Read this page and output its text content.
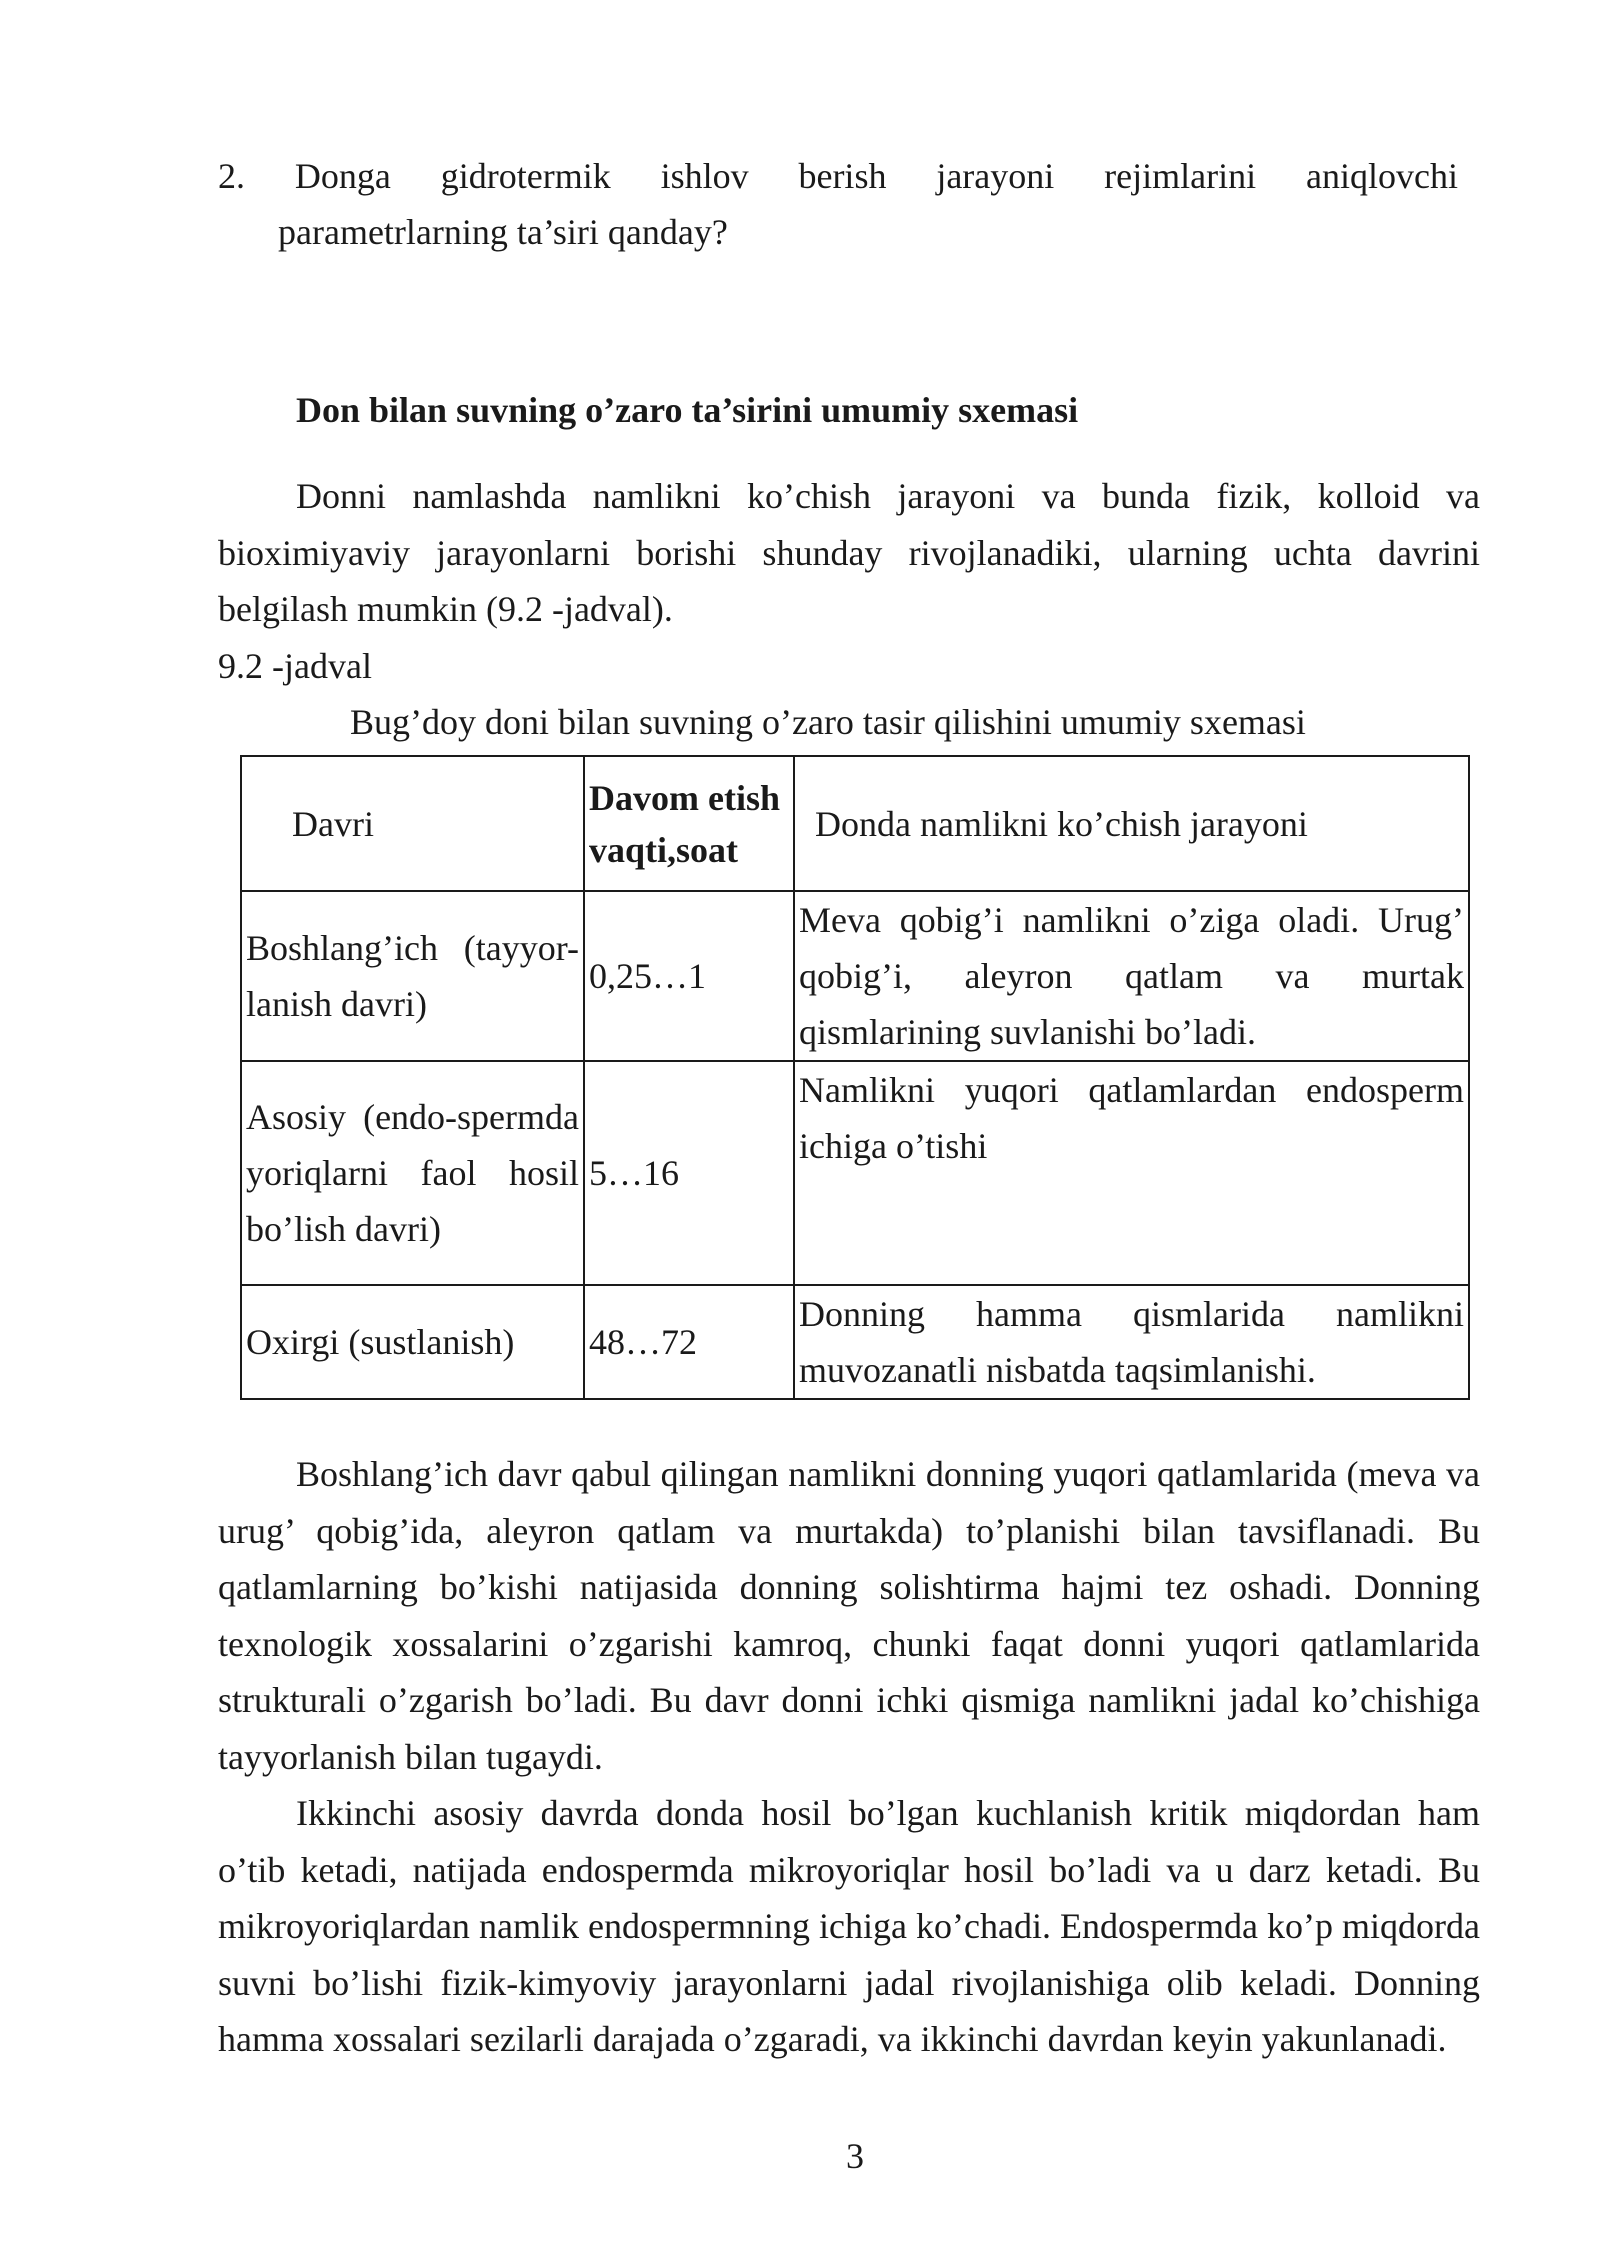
2. Donga gidrotermik ishlov berish jarayoni rejimlarini aniqlovchi
parametrlarning ta’siri qanday?
Don bilan suvning o’zaro ta’sirini umumiy sxemasi

Donni namlashda namlikni ko’chish jarayoni va bunda fizik, kolloid va bioximiyaviy jarayonlarni borishi shunday rivojlanadiki, ularning uchta davrini belgilash mumkin (9.2 -jadval).

9.2 -jadval
Bug’doy doni bilan suvning o’zaro tasir qilishini umumiy sxemasi
Davri	Davom etish vaqti,soat	Donda namlikni ko’chish jarayoni
Boshlang’ich (tayyor-lanish davri)	0,25…1	Meva qobig’i namlikni o’ziga oladi. Urug’ qobig’i, aleyron qatlam va murtak qismlarining suvlanishi bo’ladi.
Asosiy (endo-spermda yoriqlarni faol hosil bo’lish davri)	5…16	Namlikni yuqori qatlamlardan endosperm ichiga o’tishi
Oxirgi (sustlanish)	48…72	Donning hamma qismlarida namlikni muvozanatli nisbatda taqsimlanishi.

Boshlang’ich davr qabul qilingan namlikni donning yuqori qatlamlarida (meva va urug’ qobig’ida, aleyron qatlam va murtakda) to’planishi bilan tavsiflanadi. Bu qatlamlarning bo’kishi natijasida donning solishtirma hajmi tez oshadi. Donning texnologik xossalarini o’zgarishi kamroq, chunki faqat donni yuqori qatlamlarida strukturali o’zgarish bo’ladi. Bu davr donni ichki qismiga namlikni jadal ko’chishiga tayyorlanish bilan tugaydi.

Ikkinchi asosiy davrda donda hosil bo’lgan kuchlanish kritik miqdordan ham o’tib ketadi, natijada endospermda mikroyoriqlar hosil bo’ladi va u darz ketadi. Bu mikroyoriqlardan namlik endospermning ichiga ko’chadi. Endospermda ko’p miqdorda suvni bo’lishi fizik-kimyoviy jarayonlarni jadal rivojlanishiga olib keladi. Donning hamma xossalari sezilarli darajada o’zgaradi, va ikkinchi davrdan keyin yakunlanadi.

3
